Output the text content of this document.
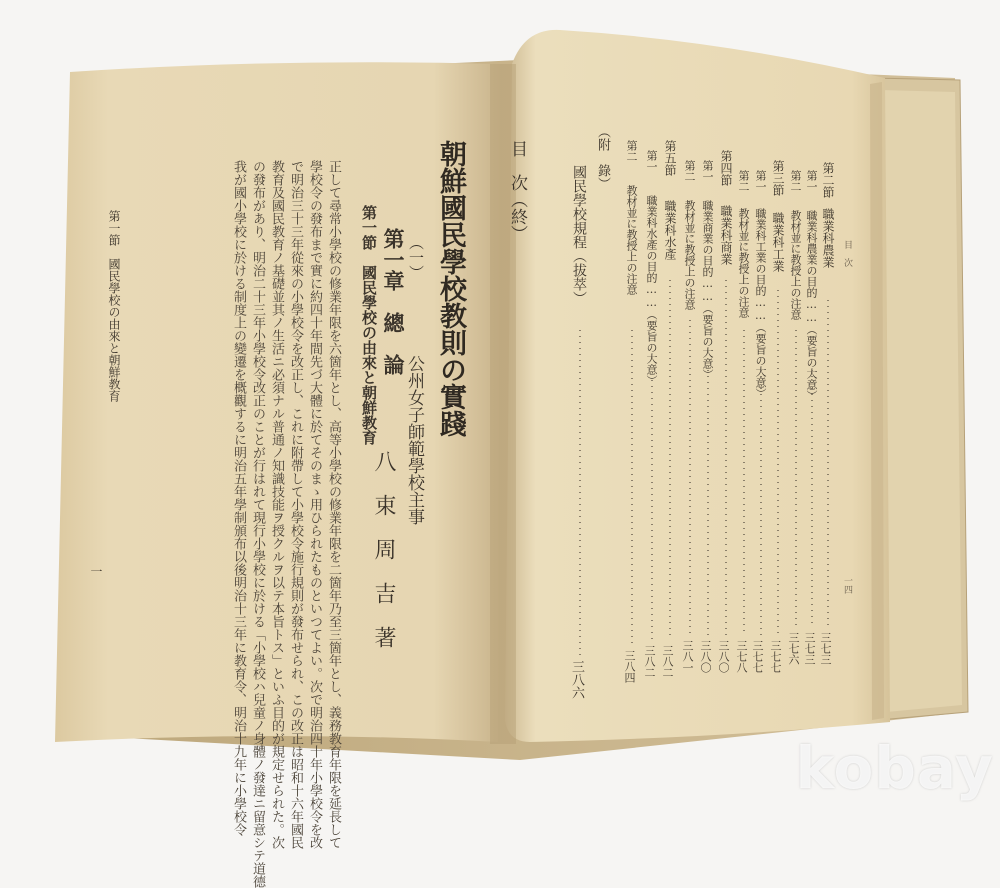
第一節　國民學校の由來と朝鮮教育
一	我が國小學校に於ける制度上の變遷を概觀するに明治五年學制頒布以後明治十三年に教育令、明治十九年に小學校令 の發布があり、明治二十三年小學校令改正のことが行はれて現行小學校に於ける「小學校ハ兒童ノ身體ノ發達ニ留意シテ道德 教育及國民教育ノ基礎並其ノ生活ニ必須ナル普通ノ知識技能ヲ授クルヲ以テ本旨トス」といふ目的が規定せられた。次 で明治三十三年從來の小學校令を改正し、これに附帶して小學校令施行規則が發布せられ、この改正は昭和十六年國民 學校令の發布まで實に約四十年間先づ大體に於てそのまゝ用ひられたものといつてよい。次で明治四十年小學校令を改 正して尋常小學校の修業年限を六箇年とし、高等小學校の修業年限を二箇年乃至三箇年とし、義務教育年限を延長して 第一節　國民學校の由來と朝鮮教育 （一）
第一章　總　論 朝鮮國民學校教則の實踐
公州女子師範學校主事
八　束　周　吉　著
目　次（終）	第二節
職業科農業
三七三
第一
職業科農業の目的……（要旨の大意）
三七三
第二
教材並に教授上の注意
三七六
第三節
職業科工業
三七七
第一
職業科工業の目的……（要旨の大意）
三七七
第二
教材並に教授上の注意
三七八
第四節
職業科商業
三八〇
第一
職業商業の目的……（要旨の大意）
三八〇
第二
教材並に教授上の注意
三八一
第五節
職業科水產
三八二
第一
職業科水產の目的……（要旨の大意）
三八二
第二
教材並に教授上の注意
三八四
（附　錄）
國民學校規程（拔萃）
三八六
目　次
一四
kobay
